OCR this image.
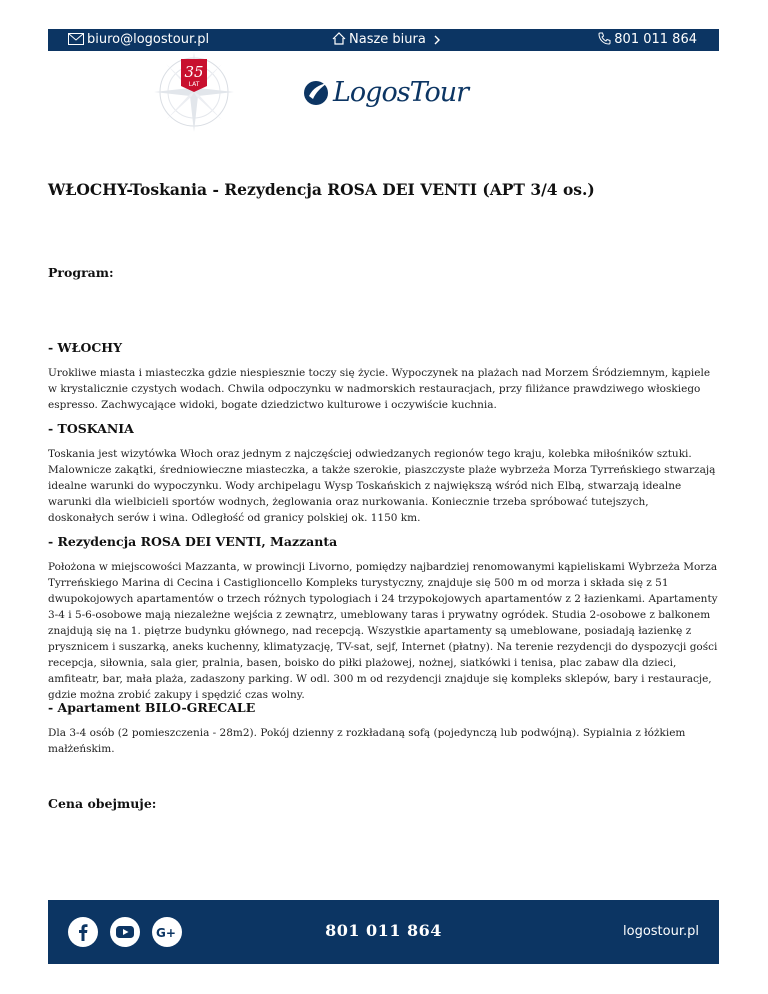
biuro@logostour.pl	Nasze biura	801 011 864
35
LAT	LogosTour
WŁOCHY-Toskania - Rezydencja ROSA DEI VENTI (APT 3/4 os.)

Program:

- WŁOCHY

Urokliwe miasta i miasteczka gdzie niespiesznie toczy się życie. Wypoczynek na plażach nad Morzem Śródziemnym, kąpiele w krystalicznie czystych wodach. Chwila odpoczynku w nadmorskich restauracjach, przy filiżance prawdziwego włoskiego espresso. Zachwycające widoki, bogate dziedzictwo kulturowe i oczywiście kuchnia.

- TOSKANIA

Toskania jest wizytówka Włoch oraz jednym z najczęściej odwiedzanych regionów tego kraju, kolebka miłośników sztuki. Malownicze zakątki, średniowieczne miasteczka, a także szerokie, piaszczyste plaże wybrzeża Morza Tyrreńskiego stwarzają idealne warunki do wypoczynku. Wody archipelagu Wysp Toskańskich z największą wśród nich Elbą, stwarzają idealne warunki dla wielbicieli sportów wodnych, żeglowania oraz nurkowania. Koniecznie trzeba spróbować tutejszych, doskonałych serów i wina. Odległość od granicy polskiej ok. 1150 km.

- Rezydencja ROSA DEI VENTI, Mazzanta

Położona w miejscowości Mazzanta, w prowincji Livorno, pomiędzy najbardziej renomowanymi kąpieliskami Wybrzeża Morza Tyrreńskiego Marina di Cecina i Castiglioncello Kompleks turystyczny, znajduje się 500 m od morza i składa się z 51 dwupokojowych apartamentów o trzech różnych typologiach i 24 trzypokojowych apartamentów z 2 łazienkami. Apartamenty 3-4 i 5-6-osobowe mają niezależne wejścia z zewnątrz, umeblowany taras i prywatny ogródek. Studia 2-osobowe z balkonem znajdują się na 1. piętrze budynku głównego, nad recepcją. Wszystkie apartamenty są umeblowane, posiadają łazienkę z prysznicem i suszarką, aneks kuchenny, klimatyzację, TV-sat, sejf, Internet (płatny). Na terenie rezydencji do dyspozycji gości recepcja, siłownia, sala gier, pralnia, basen, boisko do piłki plażowej, nożnej, siatkówki i tenisa, plac zabaw dla dzieci, amfiteatr, bar, mała plaża, zadaszony parking. W odl. 300 m od rezydencji znajduje się kompleks sklepów, bary i restauracje, gdzie można zrobić zakupy i spędzić czas wolny.

- Apartament BILO-GRECALE

Dla 3-4 osób (2 pomieszczenia - 28m2). Pokój dzienny z rozkładaną sofą (pojedynczą lub podwójną). Sypialnia z łóżkiem małżeńskim.

Cena obejmuje:

G+	801 011 864	logostour.pl
